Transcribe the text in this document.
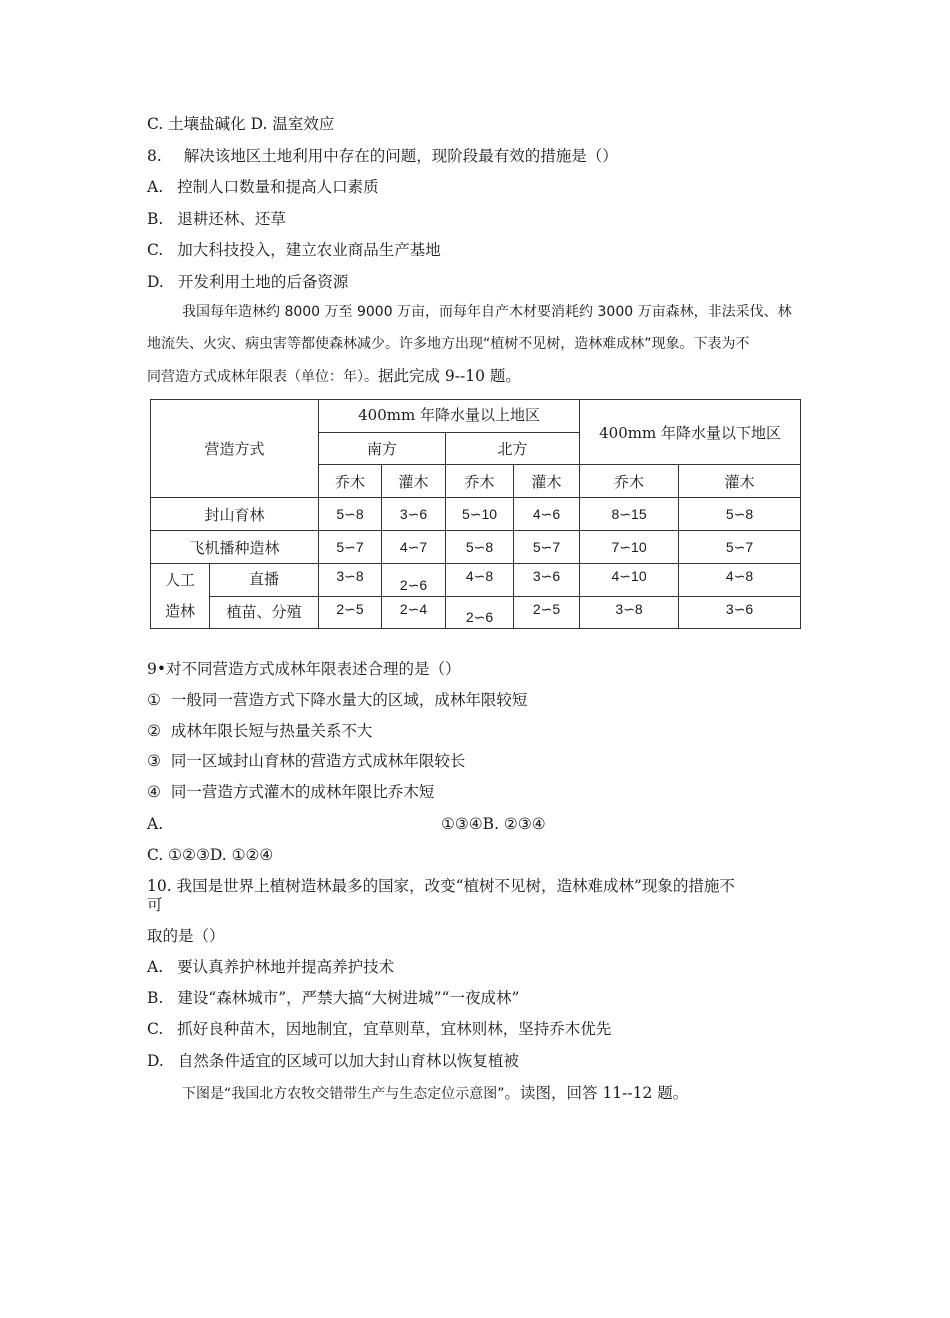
C. 土壤盐碱化 D. 温室效应
8. 解决该地区土地利用中存在的问题，现阶段最有效的措施是（）
A. 控制人口数量和提高人口素质
B. 退耕还林、还草
C. 加大科技投入，建立农业商品生产基地
D. 开发利用土地的后备资源
我国每年造林约 8000 万至 9000 万亩，而每年自产木材要消耗约 3000 万亩森林，非法采伐、林
地流失、火灾、病虫害等都使森林减少。许多地方出现“植树不见树，造林难成林”现象。下表为不
同营造方式成林年限表（单位：年）。据此完成 9--10 题。
营造方式		400mm 年降水量以上地区				400mm 年降水量以下地区	
		南方		北方			
		乔木	灌木	乔木	灌木	乔木	灌木
封山育林		5∽8	3∽6	5∽10	4∽6	8∽15	5∽8
飞机播种造林		5∽7	4∽7	5∽8	5∽7	7∽10	5∽7

人工
造林	直播	3∽8	2∽6	4∽8	3∽6	4∽10	4∽8
	植苗、分殖	2∽5	2∽4	2∽6	2∽5	3∽8	3∽6
9•对不同营造方式成林年限表述合理的是（）
① 一般同一营造方式下降水量大的区域，成林年限较短
② 成林年限长短与热量关系不大
③ 同一区域封山育林的营造方式成林年限较长
④ 同一营造方式灌木的成林年限比乔木短
A.	①③④B. ②③④
C. ①②③D. ①②④
10. 我国是世界上植树造林最多的国家，改变“植树不见树，造林难成林”现象的措施不
可
取的是（）
A. 要认真养护林地并提高养护技术
B. 建设“森林城市”，严禁大搞“大树进城”“一夜成林”
C. 抓好良种苗木，因地制宜，宜草则草，宜林则林，坚持乔木优先
D. 自然条件适宜的区域可以加大封山育林以恢复植被
下图是“我国北方农牧交错带生产与生态定位示意图”。读图，回答 11--12 题。
